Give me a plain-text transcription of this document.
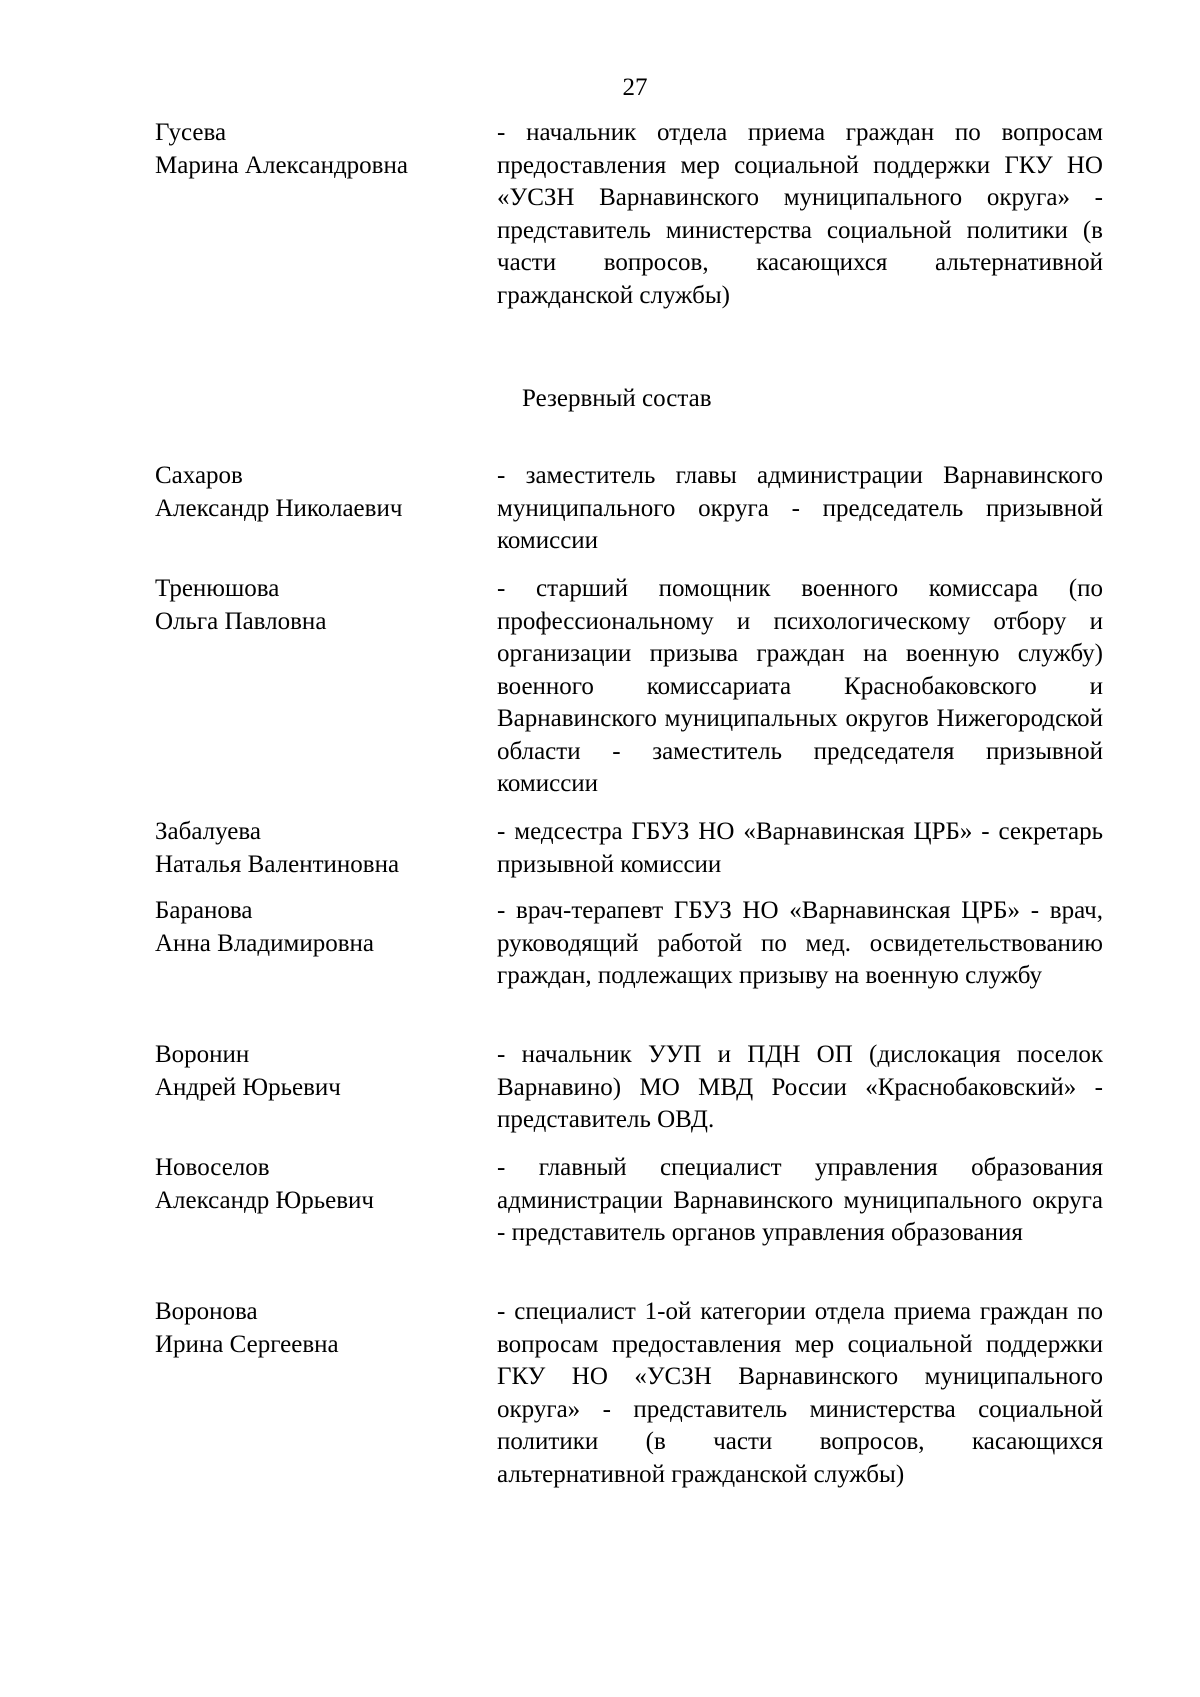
27
Гусева
Марина Александровна
- начальник отдела приема граждан по вопросам предоставления мер социальной поддержки ГКУ НО «УСЗН Варнавинского муниципального округа» - представитель министерства социальной политики (в части вопросов, касающихся альтернативной гражданской службы)
Резервный состав
Сахаров
Александр Николаевич
- заместитель главы администрации Варнавинского муниципального округа - председатель призывной комиссии
Тренюшова
Ольга Павловна
- старший помощник военного комиссара (по профессиональному и психологическому отбору и организации призыва граждан на военную службу) военного комиссариата Краснобаковского и Варнавинского муниципальных округов Нижегородской области - заместитель председателя призывной комиссии
Забалуева
Наталья Валентиновна
- медсестра ГБУЗ НО «Варнавинская ЦРБ» - секретарь призывной комиссии
Баранова
Анна Владимировна
- врач-терапевт ГБУЗ НО «Варнавинская ЦРБ» - врач, руководящий работой по мед. освидетельствованию граждан, подлежащих призыву на военную службу
Воронин
Андрей Юрьевич
- начальник УУП и ПДН ОП (дислокация поселок Варнавино) МО МВД России «Краснобаковский» - представитель ОВД.
Новоселов
Александр Юрьевич
- главный специалист управления образования администрации Варнавинского муниципального округа - представитель органов управления образования
Воронова
Ирина Сергеевна
- специалист 1-ой категории отдела приема граждан по вопросам предоставления мер социальной поддержки ГКУ НО «УСЗН Варнавинского муниципального округа» - представитель министерства социальной политики (в части вопросов, касающихся альтернативной гражданской службы)
